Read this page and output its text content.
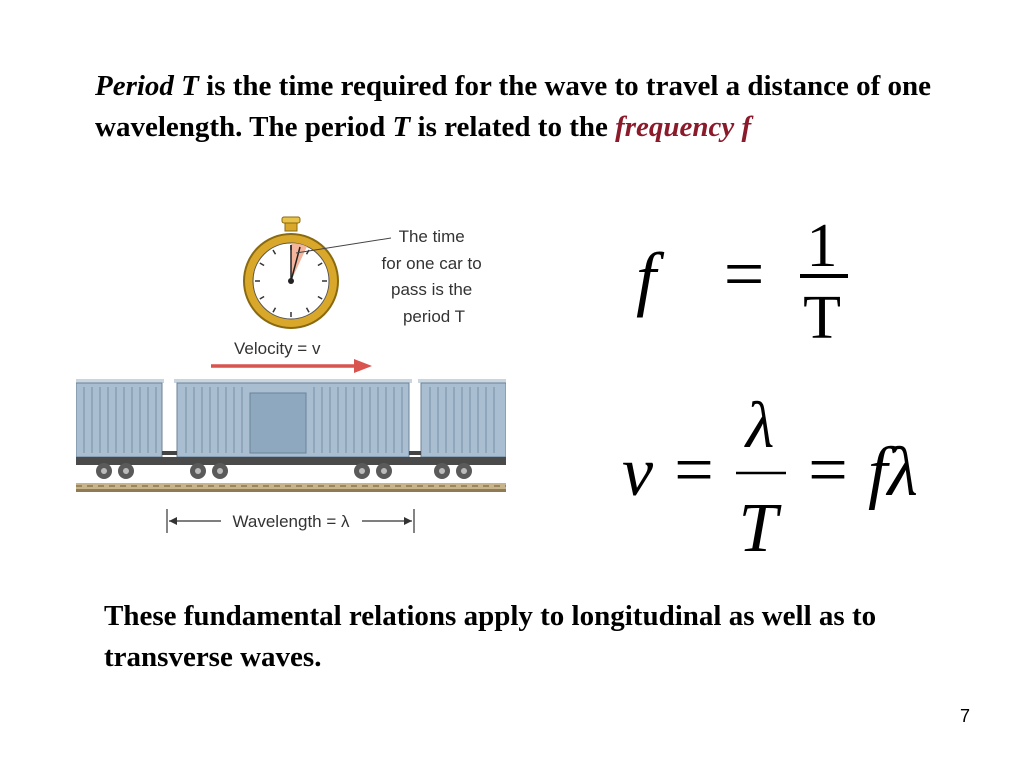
Period T is the time required for the wave to travel a distance of one wavelength. The period T is related to the frequency f

The time for one car to pass is the period T
Velocity = v
Wavelength = λ
f = 1
T
v =
λ
T
= fλ

These fundamental relations apply to longitudinal as well as to transverse waves.

7
